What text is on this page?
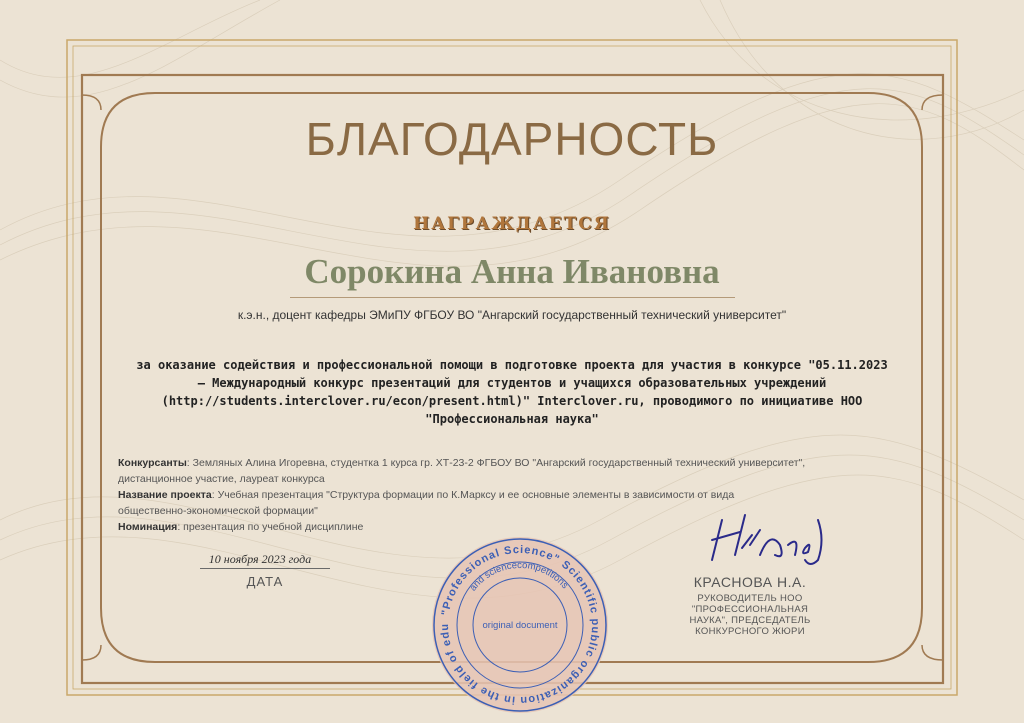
БЛАГОДАРНОСТЬ
НАГРАЖДАЕТСЯ
Сорокина Анна Ивановна
к.э.н., доцент кафедры ЭМиПУ ФГБОУ ВО "Ангарский государственный технический университет"
за оказание содействия и профессиональной помощи в подготовке проекта для участия в конкурсе "05.11.2023
— Международный конкурс презентаций для студентов и учащихся образовательных учреждений
(http://students.interclover.ru/econ/present.html)" Interclover.ru, проводимого по инициативе НОО
"Профессиональная наука"
Конкурсанты: Земляных Алина Игоревна, студентка 1 курса гр. ХТ-23-2 ФГБОУ ВО "Ангарский государственный технический университет",
дистанционное участие, лауреат конкурса
Название проекта: Учебная презентация "Структура формации по К.Марксу и ее основные элементы в зависимости от вида
общественно-экономической формации"
Номинация: презентация по учебной дисциплине
10 ноября 2023 года
ДАТА
"Professional Science" Scientific public organization in the field of edu
and sciencecompetitions
original document
КРАСНОВА Н.А.
РУКОВОДИТЕЛЬ НОО
"ПРОФЕССИОНАЛЬНАЯ
НАУКА", ПРЕДСЕДАТЕЛЬ
КОНКУРСНОГО ЖЮРИ
